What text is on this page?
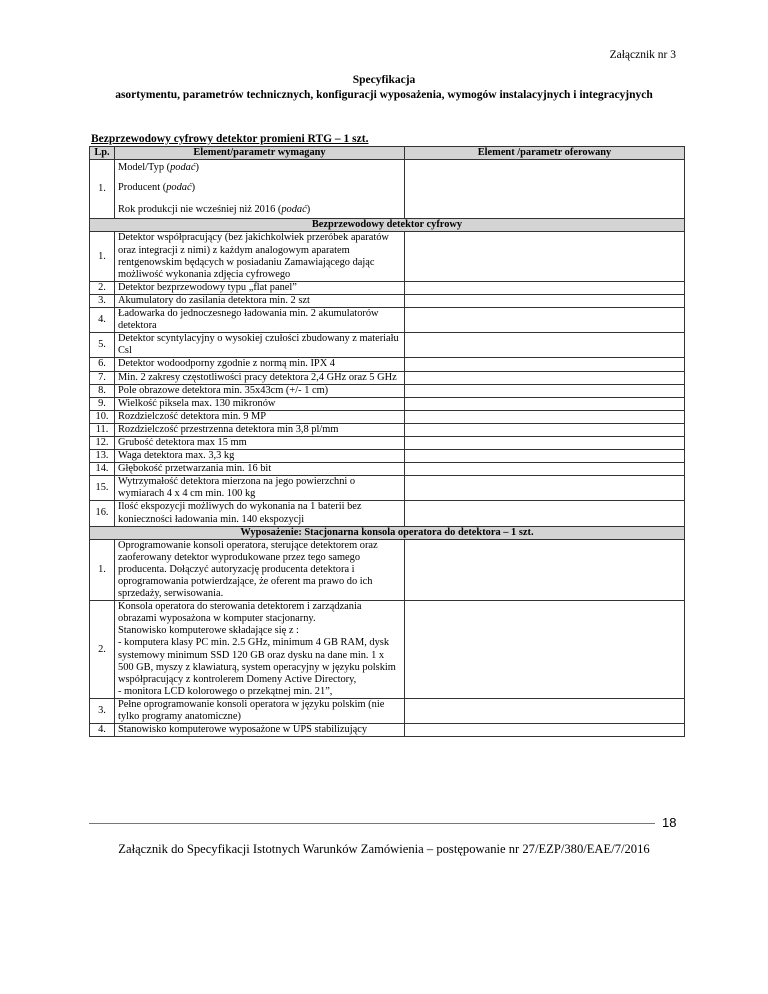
Załącznik nr 3
Specyfikacja
asortymentu, parametrów technicznych, konfiguracji wyposażenia, wymogów instalacyjnych i integracyjnych
Bezprzewodowy cyfrowy detektor promieni RTG – 1 szt.
Lp.	Element/parametr wymagany	Element /parametr oferowany
1.	Model/Typ (podać)
Producent (podać)
Rok produkcji nie wcześniej niż 2016 (podać)	

Bezprzewodowy detektor cyfrowy		
1.	Detektor współpracujący (bez jakichkolwiek przeróbek aparatów oraz integracji z nimi) z każdym analogowym aparatem rentgenowskim będących w posiadaniu Zamawiającego dając możliwość wykonania zdjęcia cyfrowego	
2.	Detektor bezprzewodowy typu „flat panel”	
3.	Akumulatory do zasilania detektora min. 2 szt	
4.	Ładowarka do jednoczesnego ładowania min. 2 akumulatorów detektora	
5.	Detektor scyntylacyjny o wysokiej czułości zbudowany z materiału Csl	
6.	Detektor wodoodporny zgodnie z normą min. IPX 4	
7.	Min. 2 zakresy częstotliwości pracy detektora 2,4 GHz oraz 5 GHz	
8.	Pole obrazowe detektora min. 35x43cm (+/- 1 cm)	
9.	Wielkość piksela max. 130 mikronów	
10.	Rozdzielczość detektora min. 9 MP	
11.	Rozdzielczość przestrzenna detektora min 3,8 pl/mm	
12.	Grubość detektora max 15 mm	
13.	Waga detektora max. 3,3 kg	
14.	Głębokość przetwarzania min. 16 bit	
15.	Wytrzymałość detektora mierzona na jego powierzchni o wymiarach 4 x 4 cm min. 100 kg	
16.	Ilość ekspozycji możliwych do wykonania na 1 baterii bez konieczności ładowania min. 140 ekspozycji	
Wyposażenie: Stacjonarna konsola operatora do detektora – 1 szt.		
1.	Oprogramowanie konsoli operatora, sterujące detektorem oraz zaoferowany detektor wyprodukowane przez tego samego producenta. Dołączyć autoryzację producenta detektora i oprogramowania potwierdzające, że oferent ma prawo do ich sprzedaży, serwisowania.	
2.	Konsola operatora do sterowania detektorem i zarządzania obrazami wyposażona w komputer stacjonarny.
Stanowisko komputerowe składające się z :
- komputera klasy PC min. 2.5 GHz, minimum 4 GB RAM, dysk systemowy minimum SSD 120 GB oraz dysku na dane min. 1 x 500 GB, myszy z klawiaturą, system operacyjny w języku polskim współpracujący z kontrolerem Domeny Active Directory,
- monitora LCD kolorowego o przekątnej min. 21”,	
3.	Pełne oprogramowanie konsoli operatora w języku polskim (nie tylko programy anatomiczne)	
4.	Stanowisko komputerowe wyposażone w UPS stabilizujący	
18
Załącznik do Specyfikacji Istotnych Warunków Zamówienia – postępowanie nr 27/EZP/380/EAE/7/2016
